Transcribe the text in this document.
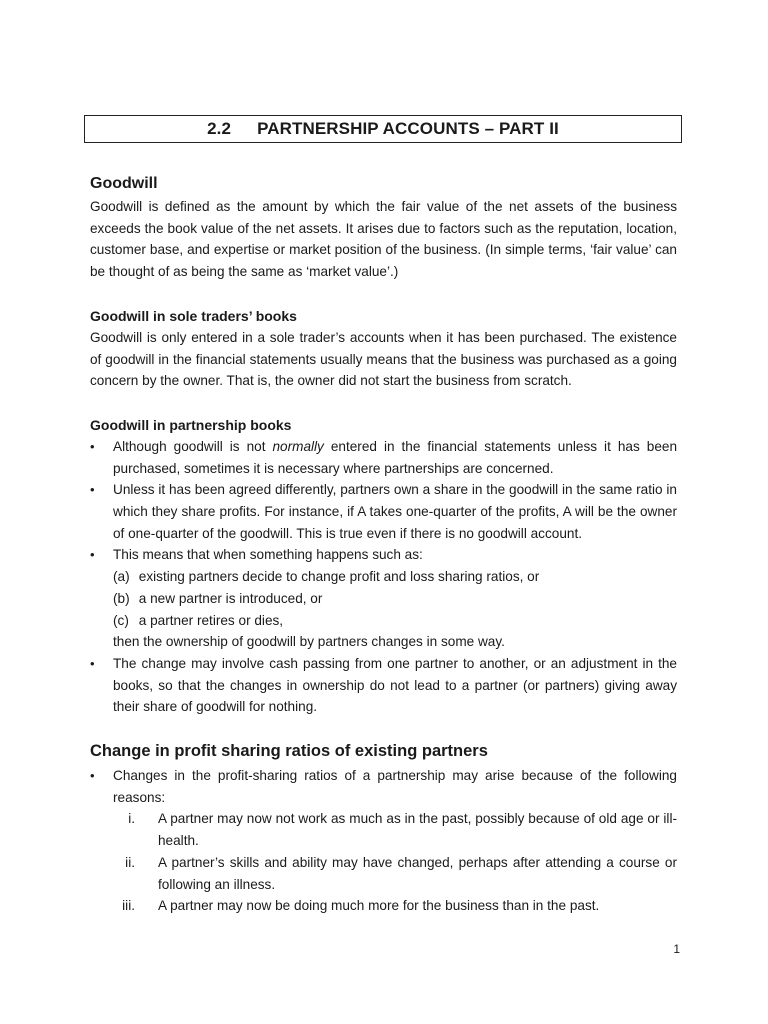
2.2 PARTNERSHIP ACCOUNTS – PART II

Goodwill

Goodwill is defined as the amount by which the fair value of the net assets of the business exceeds the book value of the net assets. It arises due to factors such as the reputation, location, customer base, and expertise or market position of the business. (In simple terms, ‘fair value’ can be thought of as being the same as ‘market value’.)

Goodwill in sole traders’ books

Goodwill is only entered in a sole trader’s accounts when it has been purchased. The existence of goodwill in the financial statements usually means that the business was purchased as a going concern by the owner. That is, the owner did not start the business from scratch.

Goodwill in partnership books

•	Although goodwill is not normally entered in the financial statements unless it has been purchased, sometimes it is necessary where partnerships are concerned.
•	Unless it has been agreed differently, partners own a share in the goodwill in the same ratio in which they share profits. For instance, if A takes one-quarter of the profits, A will be the owner of one-quarter of the goodwill. This is true even if there is no goodwill account.
•	This means that when something happens such as:
(a) existing partners decide to change profit and loss sharing ratios, or
(b) a new partner is introduced, or
(c) a partner retires or dies,
then the ownership of goodwill by partners changes in some way.
•	The change may involve cash passing from one partner to another, or an adjustment in the books, so that the changes in ownership do not lead to a partner (or partners) giving away their share of goodwill for nothing.

Change in profit sharing ratios of existing partners

•	Changes in the profit-sharing ratios of a partnership may arise because of the following reasons:
i. A partner may now not work as much as in the past, possibly because of old age or ill-health.
ii. A partner’s skills and ability may have changed, perhaps after attending a course or following an illness.
iii. A partner may now be doing much more for the business than in the past.
1
